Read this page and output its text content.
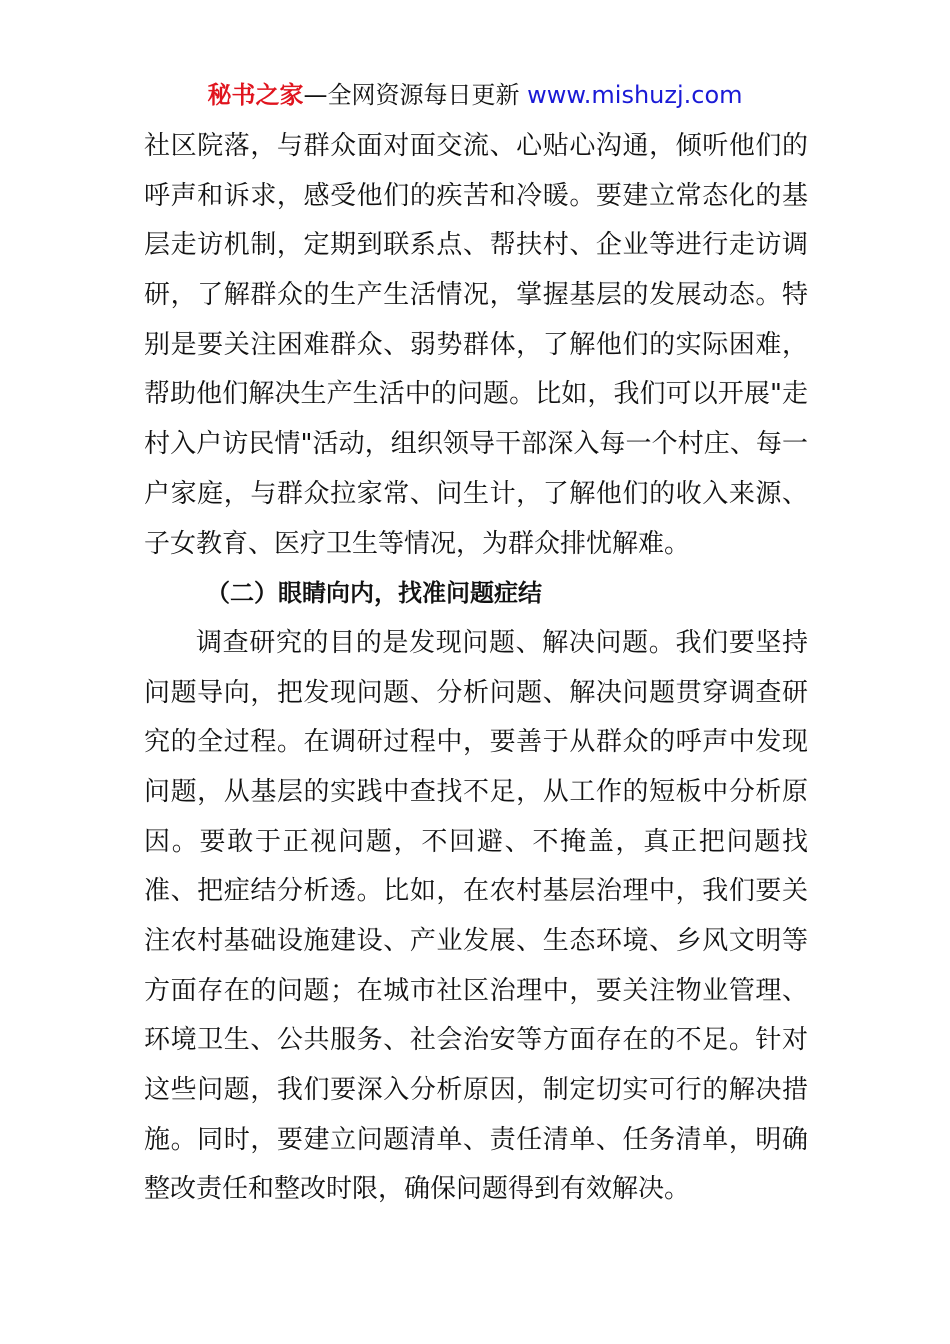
秘书之家—全网资源每日更新 www.mishuzj.com
社区院落，与群众面对面交流、心贴心沟通，倾听他们的
呼声和诉求，感受他们的疾苦和冷暖。要建立常态化的基
层走访机制，定期到联系点、帮扶村、企业等进行走访调
研，了解群众的生产生活情况，掌握基层的发展动态。特
别是要关注困难群众、弱势群体，了解他们的实际困难，
帮助他们解决生产生活中的问题。比如，我们可以开展"走
村入户访民情"活动，组织领导干部深入每一个村庄、每一
户家庭，与群众拉家常、问生计，了解他们的收入来源、
子女教育、医疗卫生等情况，为群众排忧解难。
（二）眼睛向内，找准问题症结
调查研究的目的是发现问题、解决问题。我们要坚持
问题导向，把发现问题、分析问题、解决问题贯穿调查研
究的全过程。在调研过程中，要善于从群众的呼声中发现
问题，从基层的实践中查找不足，从工作的短板中分析原
因。要敢于正视问题，不回避、不掩盖，真正把问题找
准、把症结分析透。比如，在农村基层治理中，我们要关
注农村基础设施建设、产业发展、生态环境、乡风文明等
方面存在的问题；在城市社区治理中，要关注物业管理、
环境卫生、公共服务、社会治安等方面存在的不足。针对
这些问题，我们要深入分析原因，制定切实可行的解决措
施。同时，要建立问题清单、责任清单、任务清单，明确
整改责任和整改时限，确保问题得到有效解决。
